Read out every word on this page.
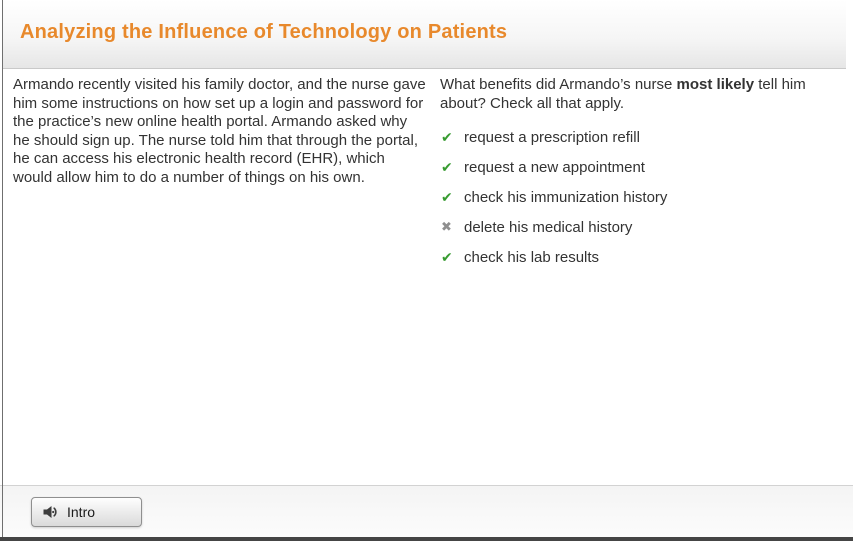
Analyzing the Influence of Technology on Patients
Armando recently visited his family doctor, and the nurse gave him some instructions on how set up a login and password for the practice’s new online health portal. Armando asked why he should sign up. The nurse told him that through the portal, he can access his electronic health record (EHR), which would allow him to do a number of things on his own.

What benefits did Armando’s nurse most likely tell him about? Check all that apply.

✔ request a prescription refill
✔ request a new appointment
✔ check his immunization history
✖ delete his medical history
✔ check his lab results
Intro
